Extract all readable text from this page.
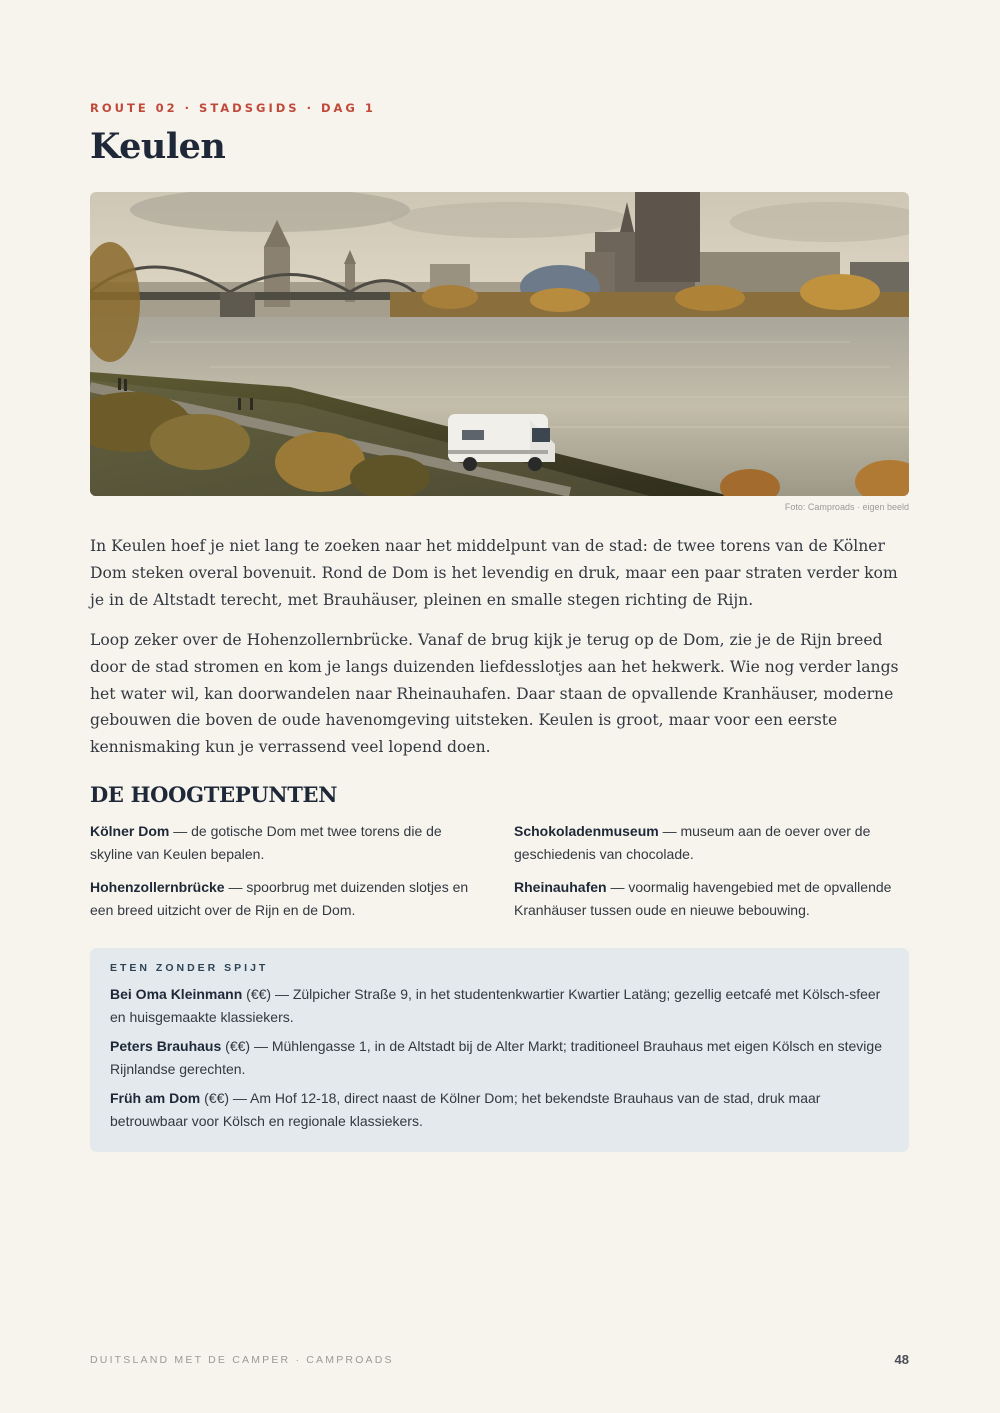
ROUTE 02 · STADSGIDS · DAG 1
Keulen
Foto: Camproads · eigen beeld

In Keulen hoef je niet lang te zoeken naar het middelpunt van de stad: de twee torens van de Kölner Dom steken overal bovenuit. Rond de Dom is het levendig en druk, maar een paar straten verder kom je in de Altstadt terecht, met Brauhäuser, pleinen en smalle stegen richting de Rijn.

Loop zeker over de Hohenzollernbrücke. Vanaf de brug kijk je terug op de Dom, zie je de Rijn breed door de stad stromen en kom je langs duizenden liefdesslotjes aan het hekwerk. Wie nog verder langs het water wil, kan doorwandelen naar Rheinauhafen. Daar staan de opvallende Kranhäuser, moderne gebouwen die boven de oude havenomgeving uitsteken. Keulen is groot, maar voor een eerste kennismaking kun je verrassend veel lopend doen.

DE HOOGTEPUNTEN
Kölner Dom — de gotische Dom met twee torens die de skyline van Keulen bepalen.
Schokoladenmuseum — museum aan de oever over de geschiedenis van chocolade.
Hohenzollernbrücke — spoorbrug met duizenden slotjes en een breed uitzicht over de Rijn en de Dom.
Rheinauhafen — voormalig havengebied met de opvallende Kranhäuser tussen oude en nieuwe bebouwing.
ETEN ZONDER SPIJT
Bei Oma Kleinmann (€€) — Zülpicher Straße 9, in het studentenkwartier Kwartier Latäng; gezellig eetcafé met Kölsch-sfeer en huisgemaakte klassiekers.
Peters Brauhaus (€€) — Mühlengasse 1, in de Altstadt bij de Alter Markt; traditioneel Brauhaus met eigen Kölsch en stevige Rijnlandse gerechten.
Früh am Dom (€€) — Am Hof 12-18, direct naast de Kölner Dom; het bekendste Brauhaus van de stad, druk maar betrouwbaar voor Kölsch en regionale klassiekers.
DUITSLAND MET DE CAMPER · CAMPROADS	48
